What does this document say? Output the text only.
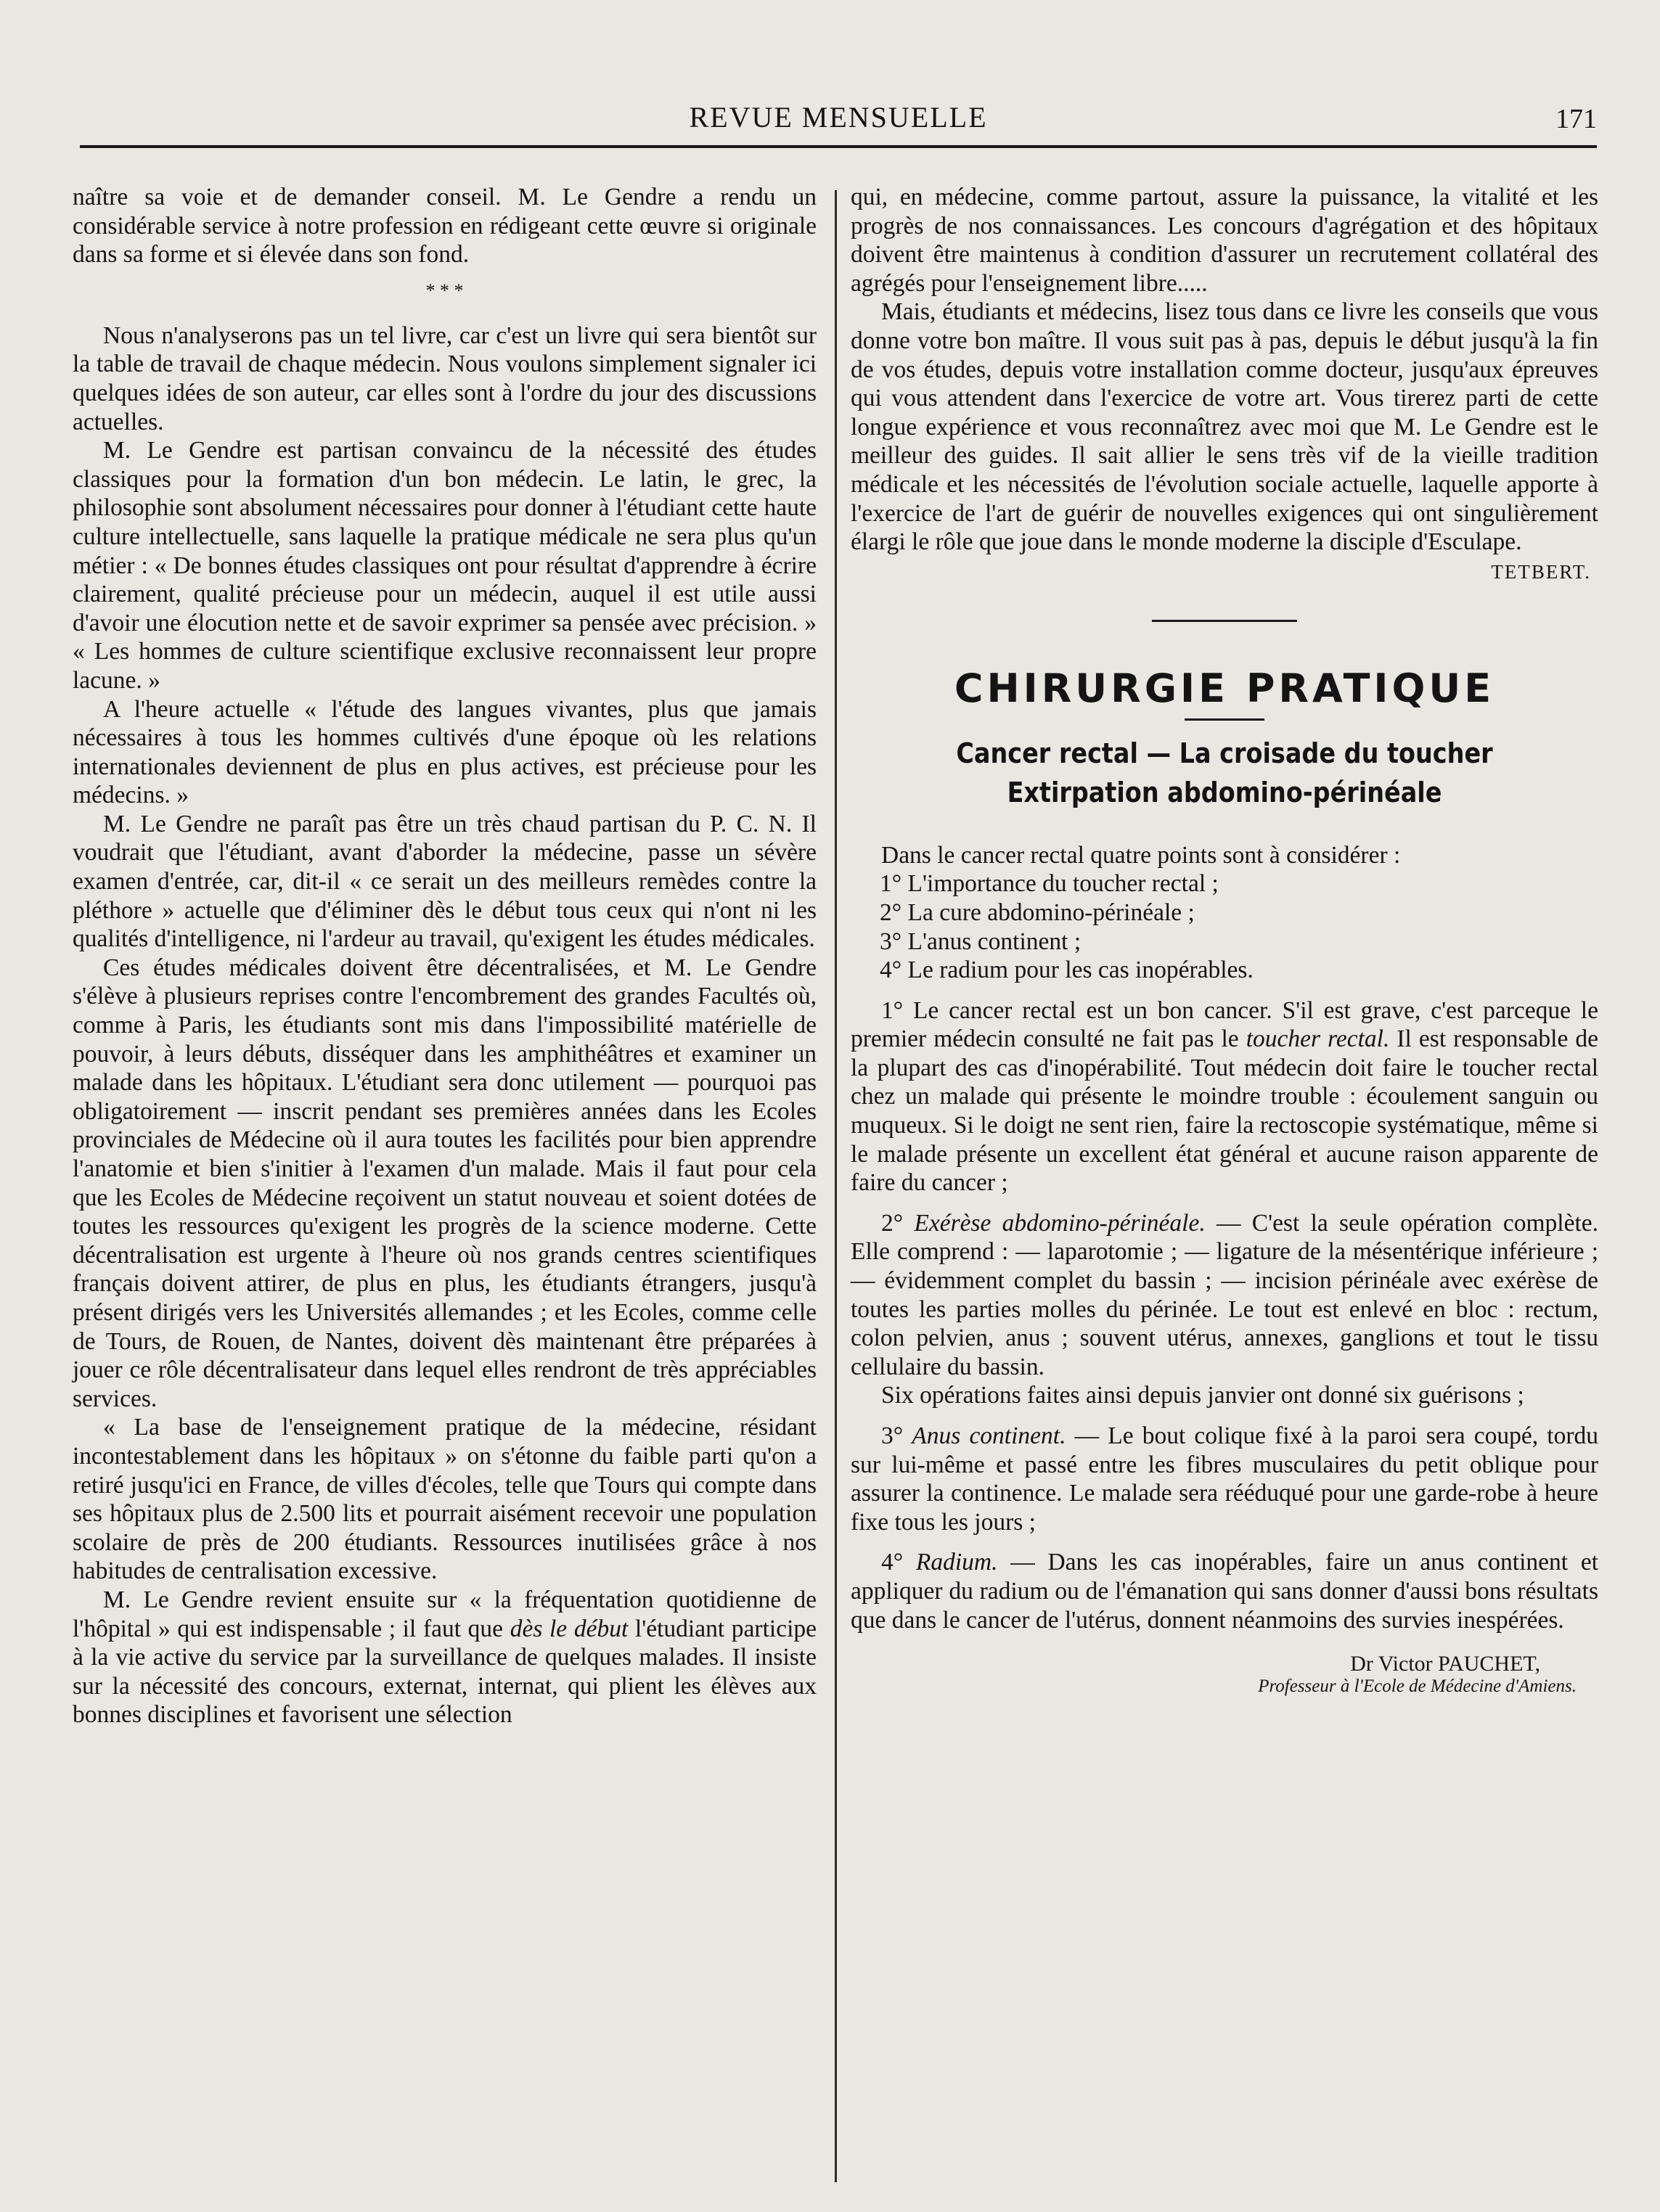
REVUE MENSUELLE	171

naître sa voie et de demander conseil. M. Le Gendre a rendu un considérable service à notre profession en rédigeant cette œuvre si originale dans sa forme et si élevée dans son fond.

* * *

Nous n'analyserons pas un tel livre, car c'est un livre qui sera bientôt sur la table de travail de chaque médecin. Nous voulons simplement signaler ici quelques idées de son auteur, car elles sont à l'ordre du jour des discussions actuelles.

M. Le Gendre est partisan convaincu de la nécessité des études classiques pour la formation d'un bon médecin. Le latin, le grec, la philosophie sont absolument nécessaires pour donner à l'étudiant cette haute culture intellectuelle, sans laquelle la pratique médicale ne sera plus qu'un métier : « De bonnes études classiques ont pour résultat d'apprendre à écrire clairement, qualité précieuse pour un médecin, auquel il est utile aussi d'avoir une élocution nette et de savoir exprimer sa pensée avec précision. » « Les hommes de culture scientifique exclusive reconnaissent leur propre lacune. »

A l'heure actuelle « l'étude des langues vivantes, plus que jamais nécessaires à tous les hommes cultivés d'une époque où les relations internationales deviennent de plus en plus actives, est précieuse pour les médecins. »

M. Le Gendre ne paraît pas être un très chaud partisan du P. C. N. Il voudrait que l'étudiant, avant d'aborder la médecine, passe un sévère examen d'entrée, car, dit-il « ce serait un des meilleurs remèdes contre la pléthore » actuelle que d'éliminer dès le début tous ceux qui n'ont ni les qualités d'intelligence, ni l'ardeur au travail, qu'exigent les études médicales.

Ces études médicales doivent être décentralisées, et M. Le Gendre s'élève à plusieurs reprises contre l'encombrement des grandes Facultés où, comme à Paris, les étudiants sont mis dans l'impossibilité matérielle de pouvoir, à leurs débuts, disséquer dans les amphithéâtres et examiner un malade dans les hôpitaux. L'étudiant sera donc utilement — pourquoi pas obligatoirement — inscrit pendant ses premières années dans les Ecoles provinciales de Médecine où il aura toutes les facilités pour bien apprendre l'anatomie et bien s'initier à l'examen d'un malade. Mais il faut pour cela que les Ecoles de Médecine reçoivent un statut nouveau et soient dotées de toutes les ressources qu'exigent les progrès de la science moderne. Cette décentralisation est urgente à l'heure où nos grands centres scientifiques français doivent attirer, de plus en plus, les étudiants étrangers, jusqu'à présent dirigés vers les Universités allemandes ; et les Ecoles, comme celle de Tours, de Rouen, de Nantes, doivent dès maintenant être préparées à jouer ce rôle décentralisateur dans lequel elles rendront de très appréciables services.

« La base de l'enseignement pratique de la médecine, résidant incontestablement dans les hôpitaux » on s'étonne du faible parti qu'on a retiré jusqu'ici en France, de villes d'écoles, telle que Tours qui compte dans ses hôpitaux plus de 2.500 lits et pourrait aisément recevoir une population scolaire de près de 200 étudiants. Ressources inutilisées grâce à nos habitudes de centralisation excessive.

M. Le Gendre revient ensuite sur « la fréquentation quotidienne de l'hôpital » qui est indispensable ; il faut que dès le début l'étudiant participe à la vie active du service par la surveillance de quelques malades. Il insiste sur la nécessité des concours, externat, internat, qui plient les élèves aux bonnes disciplines et favorisent une sélection

qui, en médecine, comme partout, assure la puissance, la vitalité et les progrès de nos connaissances. Les concours d'agrégation et des hôpitaux doivent être maintenus à condition d'assurer un recrutement collatéral des agrégés pour l'enseignement libre.....

Mais, étudiants et médecins, lisez tous dans ce livre les conseils que vous donne votre bon maître. Il vous suit pas à pas, depuis le début jusqu'à la fin de vos études, depuis votre installation comme docteur, jusqu'aux épreuves qui vous attendent dans l'exercice de votre art. Vous tirerez parti de cette longue expérience et vous reconnaîtrez avec moi que M. Le Gendre est le meilleur des guides. Il sait allier le sens très vif de la vieille tradition médicale et les nécessités de l'évolution sociale actuelle, laquelle apporte à l'exercice de l'art de guérir de nouvelles exigences qui ont singulièrement élargi le rôle que joue dans le monde moderne la disciple d'Esculape.

TETBERT.
CHIRURGIE PRATIQUE
Cancer rectal — La croisade du toucher
Extirpation abdomino-périnéale

Dans le cancer rectal quatre points sont à considérer :

1° L'importance du toucher rectal ;
2° La cure abdomino-périnéale ;
3° L'anus continent ;
4° Le radium pour les cas inopérables.

1° Le cancer rectal est un bon cancer. S'il est grave, c'est parceque le premier médecin consulté ne fait pas le toucher rectal. Il est responsable de la plupart des cas d'inopérabilité. Tout médecin doit faire le toucher rectal chez un malade qui présente le moindre trouble : écoulement sanguin ou muqueux. Si le doigt ne sent rien, faire la rectoscopie systématique, même si le malade présente un excellent état général et aucune raison apparente de faire du cancer ;

2° Exérèse abdomino-périnéale. — C'est la seule opération complète. Elle comprend : — laparotomie ; — ligature de la mésentérique inférieure ; — évidemment complet du bassin ; — incision périnéale avec exérèse de toutes les parties molles du périnée. Le tout est enlevé en bloc : rectum, colon pelvien, anus ; souvent utérus, annexes, ganglions et tout le tissu cellulaire du bassin.

Six opérations faites ainsi depuis janvier ont donné six guérisons ;

3° Anus continent. — Le bout colique fixé à la paroi sera coupé, tordu sur lui-même et passé entre les fibres musculaires du petit oblique pour assurer la continence. Le malade sera rééduqué pour une garde-robe à heure fixe tous les jours ;

4° Radium. — Dans les cas inopérables, faire un anus continent et appliquer du radium ou de l'émanation qui sans donner d'aussi bons résultats que dans le cancer de l'utérus, donnent néanmoins des survies inespérées.

Dr Victor PAUCHET,
Professeur à l'Ecole de Médecine d'Amiens.
